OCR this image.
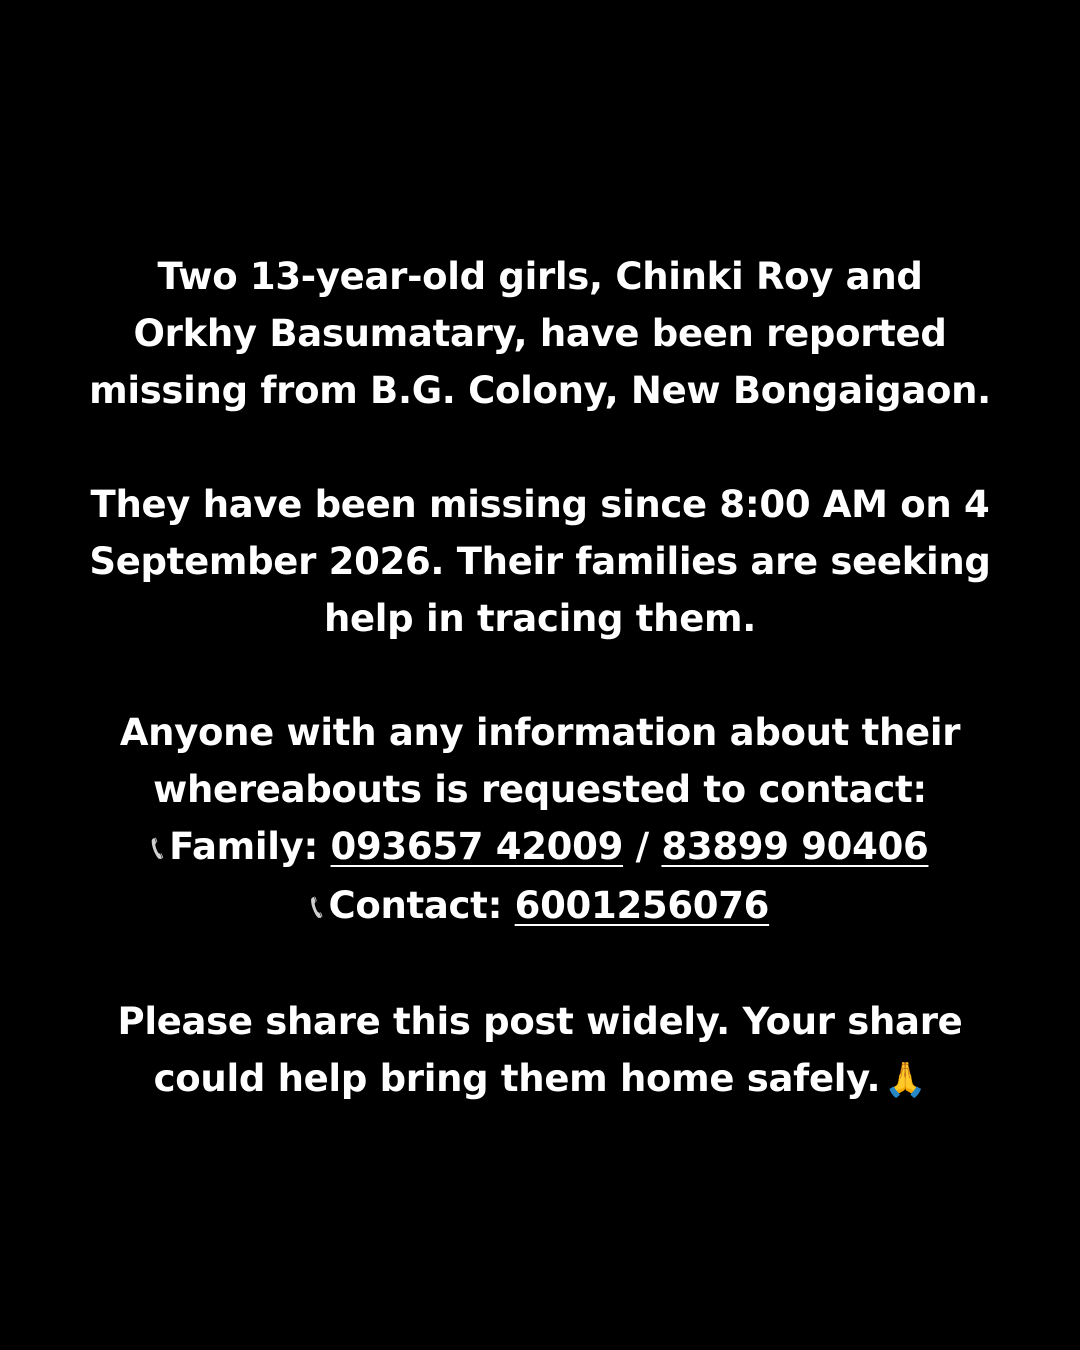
Two 13-year-old girls, Chinki Roy and
Orkhy Basumatary, have been reported
missing from B.G. Colony, New Bongaigaon.
They have been missing since 8:00 AM on 4
September 2026. Their families are seeking
help in tracing them.
Anyone with any information about their
whereabouts is requested to contact:
📞︎ Family: 093657 42009 / 83899 90406
📞︎ Contact: 6001256076
Please share this post widely. Your share
could help bring them home safely. 🙏
